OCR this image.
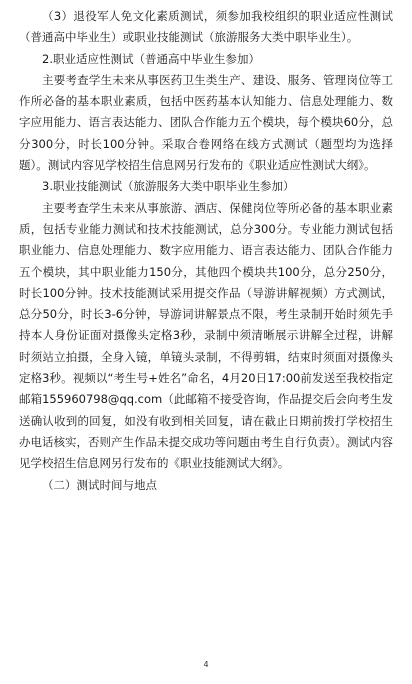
（3）退役军人免文化素质测试，须参加我校组织的职业适应性测试（普通高中毕业生）或职业技能测试（旅游服务大类中职毕业生）。

2.职业适应性测试（普通高中毕业生参加）

主要考查学生未来从事医药卫生类生产、建设、服务、管理岗位等工作所必备的基本职业素质，包括中医药基本认知能力、信息处理能力、数字应用能力、语言表达能力、团队合作能力五个模块，每个模块60分，总分300分，时长100分钟。采取合卷网络在线方式测试（题型均为选择题）。测试内容见学校招生信息网另行发布的《职业适应性测试大纲》。

3.职业技能测试（旅游服务大类中职毕业生参加）

主要考查学生未来从事旅游、酒店、保健岗位等所必备的基本职业素质，包括专业能力测试和技术技能测试，总分300分。专业能力测试包括职业能力、信息处理能力、数字应用能力、语言表达能力、团队合作能力五个模块，其中职业能力150分，其他四个模块共100分，总分250分，时长100分钟。技术技能测试采用提交作品（导游讲解视频）方式测试，总分50分，时长3-6分钟，导游词讲解景点不限，考生录制开始时须先手持本人身份证面对摄像头定格3秒，录制中须清晰展示讲解全过程，讲解时须站立拍摄，全身入镜，单镜头录制，不得剪辑，结束时须面对摄像头定格3秒。视频以“考生号+姓名”命名，4月20日17:00前发送至我校指定邮箱155960798@qq.com（此邮箱不接受咨询，作品提交后会向考生发送确认收到的回复，如没有收到相关回复，请在截止日期前拨打学校招生办电话核实，否则产生作品未提交成功等问题由考生自行负责）。测试内容见学校招生信息网另行发布的《职业技能测试大纲》。

（二）测试时间与地点

4
